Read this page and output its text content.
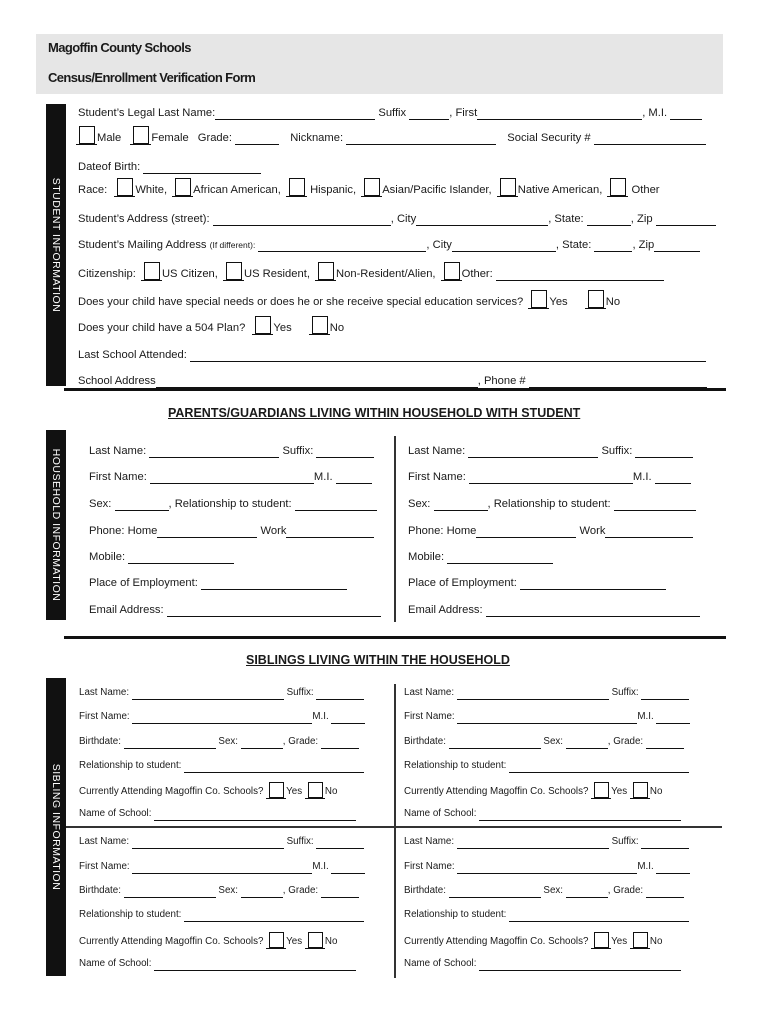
Magoffin County Schools
Census/Enrollment Verification Form
STUDENT INFORMATION
HOUSEHOLD INFORMATION
SIBLING INFORMATION
Student’s Legal Last Name:	Suffix	, First	, M.I.
Male	Female Grade:	Nickname:	Social Security #
Dateof Birth:
Race:	White, African American,	Hispanic, Asian/Pacific Islander, Native American,	Other
Student’s Address (street):	, City	, State:	, Zip
Student’s Mailing Address (If different):	, City	, State:	, Zip
Citizenship: US Citizen, US Resident, Non-Resident/Alien, Other:
Does your child have special needs or does he or she receive special education services? Yes	No
Does your child have a 504 Plan?	Yes	No
Last School Attended:
School Address	, Phone #
PARENTS/GUARDIANS LIVING WITHIN HOUSEHOLD WITH STUDENT
Last Name:	Suffix:
First Name:	M.I.
Sex:	, Relationship to student:
Phone: Home	Work
Mobile:
Place of Employment:
Email Address:
Last Name:	Suffix:
First Name:	M.I.
Sex:	, Relationship to student:
Phone: Home	Work
Mobile:
Place of Employment:
Email Address:
SIBLINGS LIVING WITHIN THE HOUSEHOLD
Last Name:	Suffix:
First Name:	M.I.
Birthdate:	Sex:	, Grade:
Relationship to student:
Currently Attending Magoffin Co. Schools? Yes No
Name of School:
Last Name:	Suffix:
First Name:	M.I.
Birthdate:	Sex:	, Grade:
Relationship to student:
Currently Attending Magoffin Co. Schools? Yes No
Name of School:
Last Name:	Suffix:
First Name:	M.I.
Birthdate:	Sex:	, Grade:
Relationship to student:
Currently Attending Magoffin Co. Schools? Yes No
Name of School:
Last Name:	Suffix:
First Name:	M.I.
Birthdate:	Sex:	, Grade:
Relationship to student:
Currently Attending Magoffin Co. Schools? Yes No
Name of School:
